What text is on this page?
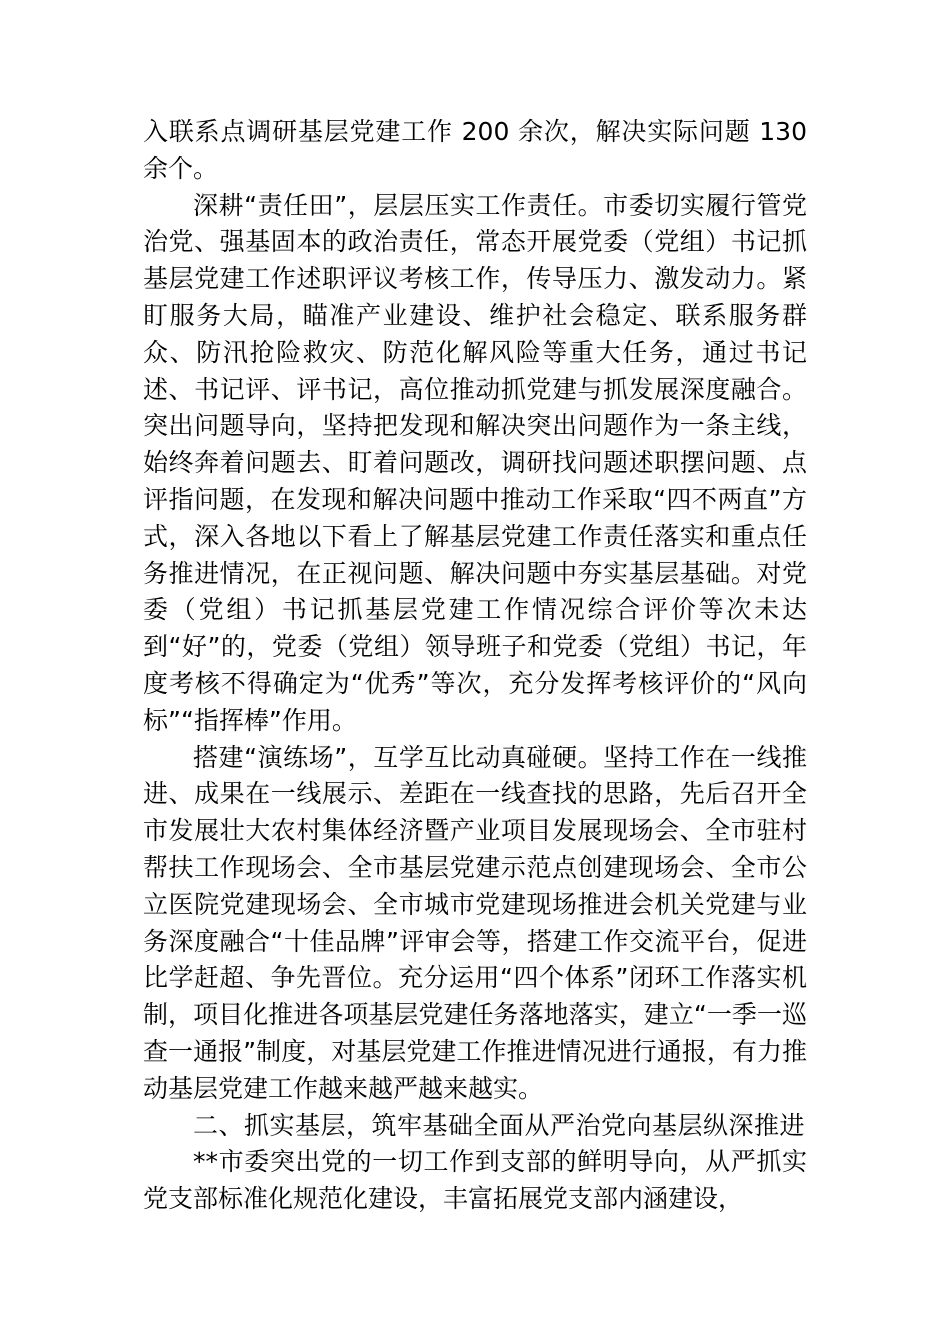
入联系点调研基层党建工作 200 余次，解决实际问题 130 余个。

深耕“责任田”，层层压实工作责任。市委切实履行管党治党、强基固本的政治责任，常态开展党委（党组）书记抓基层党建工作述职评议考核工作，传导压力、激发动力。紧盯服务大局，瞄准产业建设、维护社会稳定、联系服务群众、防汛抢险救灾、防范化解风险等重大任务，通过书记述、书记评、评书记，高位推动抓党建与抓发展深度融合。突出问题导向，坚持把发现和解决突出问题作为一条主线，始终奔着问题去、盯着问题改，调研找问题述职摆问题、点评指问题，在发现和解决问题中推动工作采取“四不两直”方式，深入各地以下看上了解基层党建工作责任落实和重点任务推进情况，在正视问题、解决问题中夯实基层基础。对党委（党组）书记抓基层党建工作情况综合评价等次未达到“好”的，党委（党组）领导班子和党委（党组）书记，年度考核不得确定为“优秀”等次，充分发挥考核评价的“风向标”“指挥棒”作用。

搭建“演练场”，互学互比动真碰硬。坚持工作在一线推进、成果在一线展示、差距在一线查找的思路，先后召开全市发展壮大农村集体经济暨产业项目发展现场会、全市驻村帮扶工作现场会、全市基层党建示范点创建现场会、全市公立医院党建现场会、全市城市党建现场推进会机关党建与业务深度融合“十佳品牌”评审会等，搭建工作交流平台，促进比学赶超、争先晋位。充分运用“四个体系”闭环工作落实机制，项目化推进各项基层党建任务落地落实，建立“一季一巡查一通报”制度，对基层党建工作推进情况进行通报，有力推动基层党建工作越来越严越来越实。

二、抓实基层，筑牢基础全面从严治党向基层纵深推进

**市委突出党的一切工作到支部的鲜明导向，从严抓实党支部标准化规范化建设，丰富拓展党支部内涵建设，
